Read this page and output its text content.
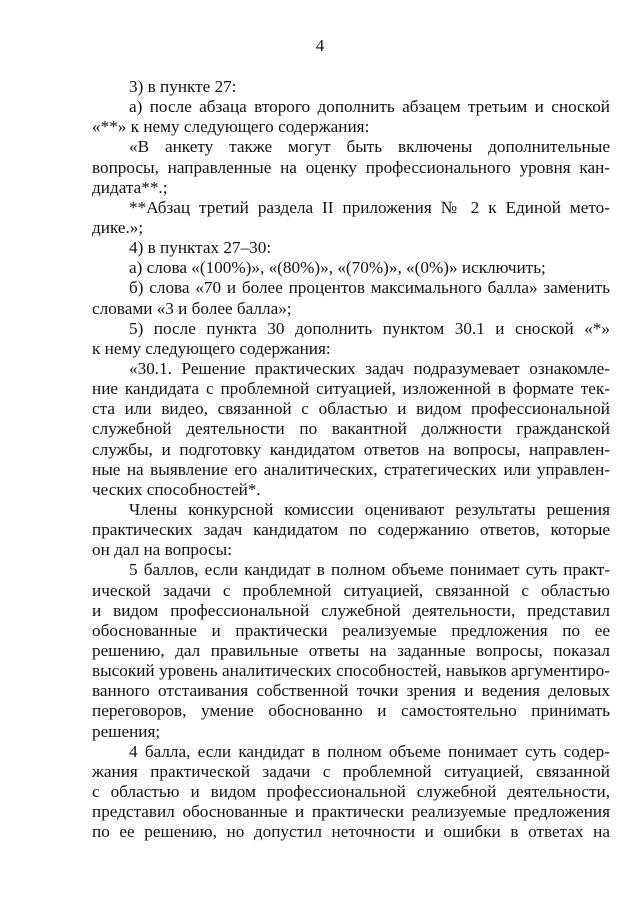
4
3) в пункте 27:
а) после абзаца второго дополнить абзацем третьим и сноской
«**» к нему следующего содержания:
«В анкету также могут быть включены дополнительные
вопросы, направленные на оценку профессионального уровня кан-
дидата**.;
**Абзац третий раздела II приложения № 2 к Единой мето-
дике.»;
4) в пунктах 27–30:
а) слова «(100%)», «(80%)», «(70%)», «(0%)» исключить;
б) слова «70 и более процентов максимального балла» заменить
словами «3 и более балла»;
5) после пункта 30 дополнить пунктом 30.1 и сноской «*»
к нему следующего содержания:
«30.1. Решение практических задач подразумевает ознакомле-
ние кандидата с проблемной ситуацией, изложенной в формате тек-
ста или видео, связанной с областью и видом профессиональной
служебной деятельности по вакантной должности гражданской
службы, и подготовку кандидатом ответов на вопросы, направлен-
ные на выявление его аналитических, стратегических или управлен-
ческих способностей*.
Члены конкурсной комиссии оценивают результаты решения
практических задач кандидатом по содержанию ответов, которые
он дал на вопросы:
5 баллов, если кандидат в полном объеме понимает суть практ-
ической задачи с проблемной ситуацией, связанной с областью
и видом профессиональной служебной деятельности, представил
обоснованные и практически реализуемые предложения по ее
решению, дал правильные ответы на заданные вопросы, показал
высокий уровень аналитических способностей, навыков аргументиро-
ванного отстаивания собственной точки зрения и ведения деловых
переговоров, умение обоснованно и самостоятельно принимать
решения;
4 балла, если кандидат в полном объеме понимает суть содер-
жания практической задачи с проблемной ситуацией, связанной
с областью и видом профессиональной служебной деятельности,
представил обоснованные и практически реализуемые предложения
по ее решению, но допустил неточности и ошибки в ответах на
